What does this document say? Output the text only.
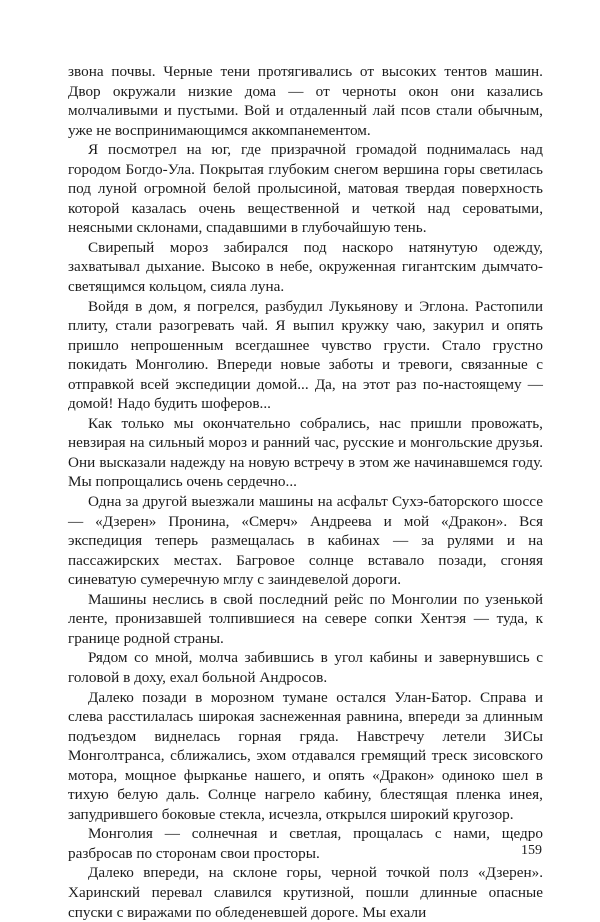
звона почвы. Черные тени протягивались от высоких тентов машин. Двор окружали низкие дома — от черноты окон они казались молчаливыми и пустыми. Вой и отдаленный лай псов стали обычным, уже не воспринимающимся аккомпанементом.

Я посмотрел на юг, где призрачной громадой поднималась над городом Богдо-Ула. Покрытая глубоким снегом вершина горы светилась под луной огромной белой пролысиной, матовая твердая поверхность которой казалась очень вещественной и четкой над сероватыми, неясными склонами, спадавшими в глубочайшую тень.

Свирепый мороз забирался под наскоро натянутую одежду, захватывал дыхание. Высоко в небе, окруженная гигантским дымчато-светящимся кольцом, сияла луна.

Войдя в дом, я погрелся, разбудил Лукьянову и Эглона. Растопили плиту, стали разогревать чай. Я выпил кружку чаю, закурил и опять пришло непрошенным всегдашнее чувство грусти. Стало грустно покидать Монголию. Впереди новые заботы и тревоги, связанные с отправкой всей экспедиции домой... Да, на этот раз по-настоящему — домой! Надо будить шоферов...

Как только мы окончательно собрались, нас пришли провожать, невзирая на сильный мороз и ранний час, русские и монгольские друзья. Они высказали надежду на новую встречу в этом же начинавшемся году. Мы попрощались очень сердечно...

Одна за другой выезжали машины на асфальт Сухэ-баторского шоссе — «Дзерен» Пронина, «Смерч» Андреева и мой «Дракон». Вся экспедиция теперь размещалась в кабинах — за рулями и на пассажирских местах. Багровое солнце вставало позади, сгоняя синеватую сумеречную мглу с заиндевелой дороги.

Машины неслись в свой последний рейс по Монголии по узенькой ленте, пронизавшей толпившиеся на севере сопки Хентэя — туда, к границе родной страны.

Рядом со мной, молча забившись в угол кабины и завернувшись с головой в доху, ехал больной Андросов.

Далеко позади в морозном тумане остался Улан-Батор. Справа и слева расстилалась широкая заснеженная равнина, впереди за длинным подъездом виднелась горная гряда. Навстречу летели ЗИСы Монголтранса, сближались, эхом отдавался гремящий треск зисовского мотора, мощное фырканье нашего, и опять «Дракон» одиноко шел в тихую белую даль. Солнце нагрело кабину, блестящая пленка инея, запудрившего боковые стекла, исчезла, открылся широкий кругозор.

Монголия — солнечная и светлая, прощалась с нами, щедро разбросав по сторонам свои просторы.

Далеко впереди, на склоне горы, черной точкой полз «Дзерен». Харинский перевал славился крутизной, пошли длинные опасные спуски с виражами по обледеневшей дороге. Мы ехали

159
